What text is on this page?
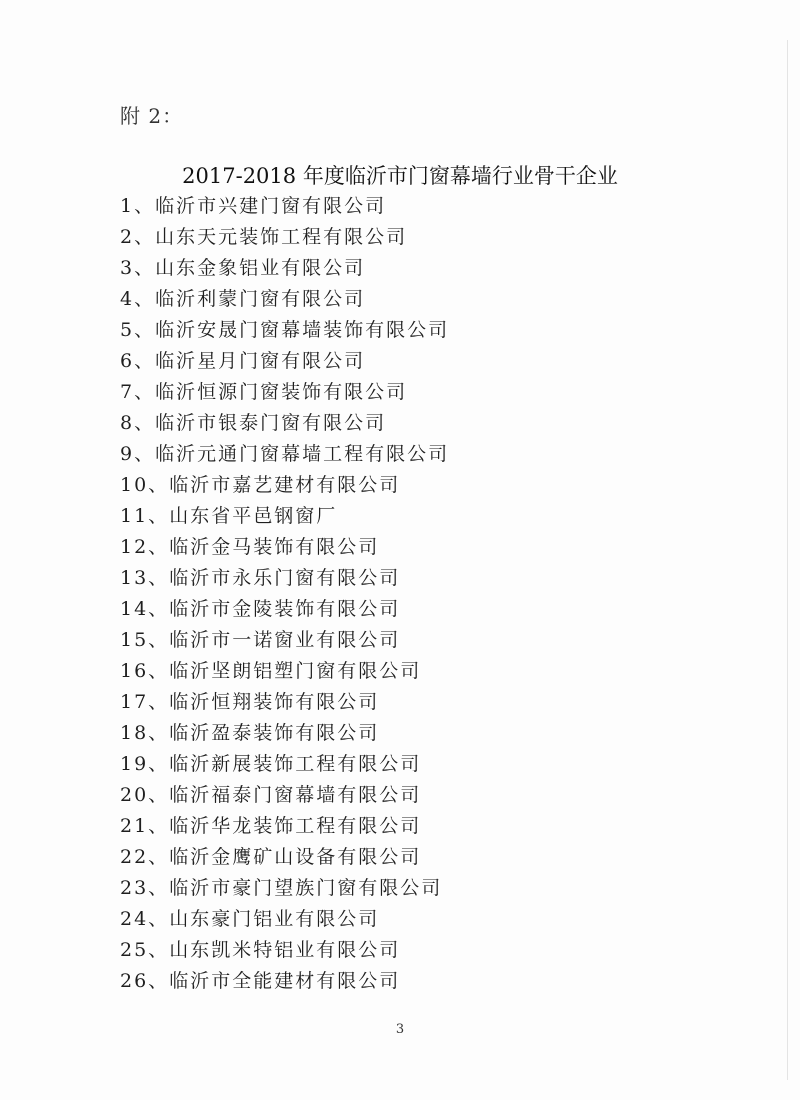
附 2：
2017-2018 年度临沂市门窗幕墙行业骨干企业
1、临沂市兴建门窗有限公司
2、山东天元装饰工程有限公司
3、山东金象铝业有限公司
4、临沂利蒙门窗有限公司
5、临沂安晟门窗幕墙装饰有限公司
6、临沂星月门窗有限公司
7、临沂恒源门窗装饰有限公司
8、临沂市银泰门窗有限公司
9、临沂元通门窗幕墙工程有限公司
10、临沂市嘉艺建材有限公司
11、山东省平邑钢窗厂
12、临沂金马装饰有限公司
13、临沂市永乐门窗有限公司
14、临沂市金陵装饰有限公司
15、临沂市一诺窗业有限公司
16、临沂坚朗铝塑门窗有限公司
17、临沂恒翔装饰有限公司
18、临沂盈泰装饰有限公司
19、临沂新展装饰工程有限公司
20、临沂福泰门窗幕墙有限公司
21、临沂华龙装饰工程有限公司
22、临沂金鹰矿山设备有限公司
23、临沂市豪门望族门窗有限公司
24、山东豪门铝业有限公司
25、山东凯米特铝业有限公司
26、临沂市全能建材有限公司
3
